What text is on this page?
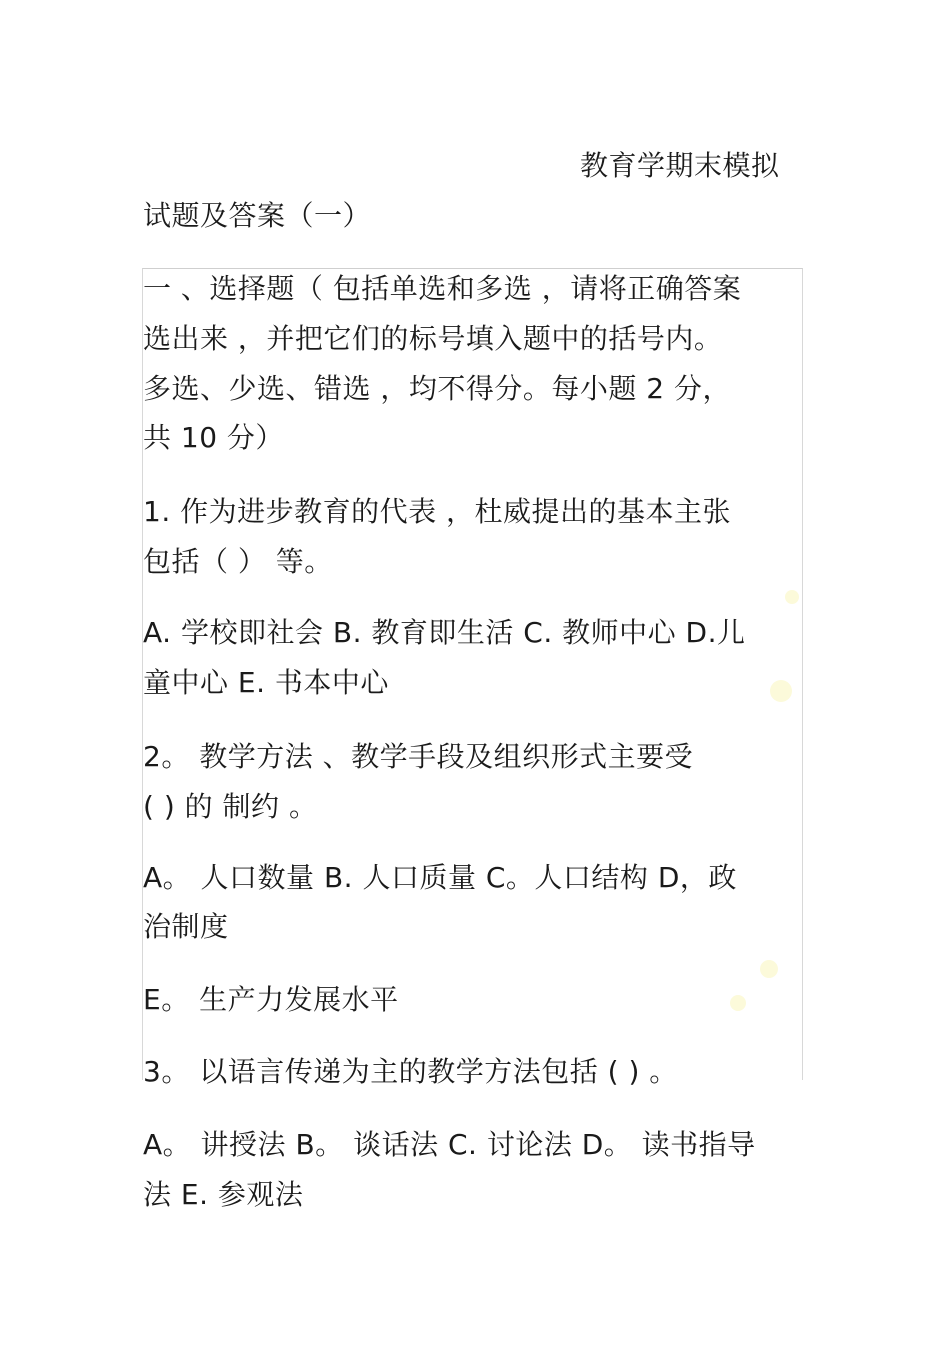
教育学期末模拟
试题及答案（一）
一 、选择题（ 包括单选和多选 ，请将正确答案
选出来 ，并把它们的标号填入题中的括号内。
多选、少选、错选 ，均不得分。每小题 2 分，
共 10 分）
1. 作为进步教育的代表 ，杜威提出的基本主张
包括（ ） 等。
A. 学校即社会 B. 教育即生活 C. 教师中心 D.儿
童中心 E. 书本中心
2。 教学方法 、教学手段及组织形式主要受
( ) 的 制约 。
A。 人口数量 B. 人口质量 C。人口结构 D，政
治制度
E。 生产力发展水平
3。 以语言传递为主的教学方法包括 ( ) 。
A。 讲授法 B。 谈话法 C. 讨论法 D。 读书指导
法 E. 参观法
